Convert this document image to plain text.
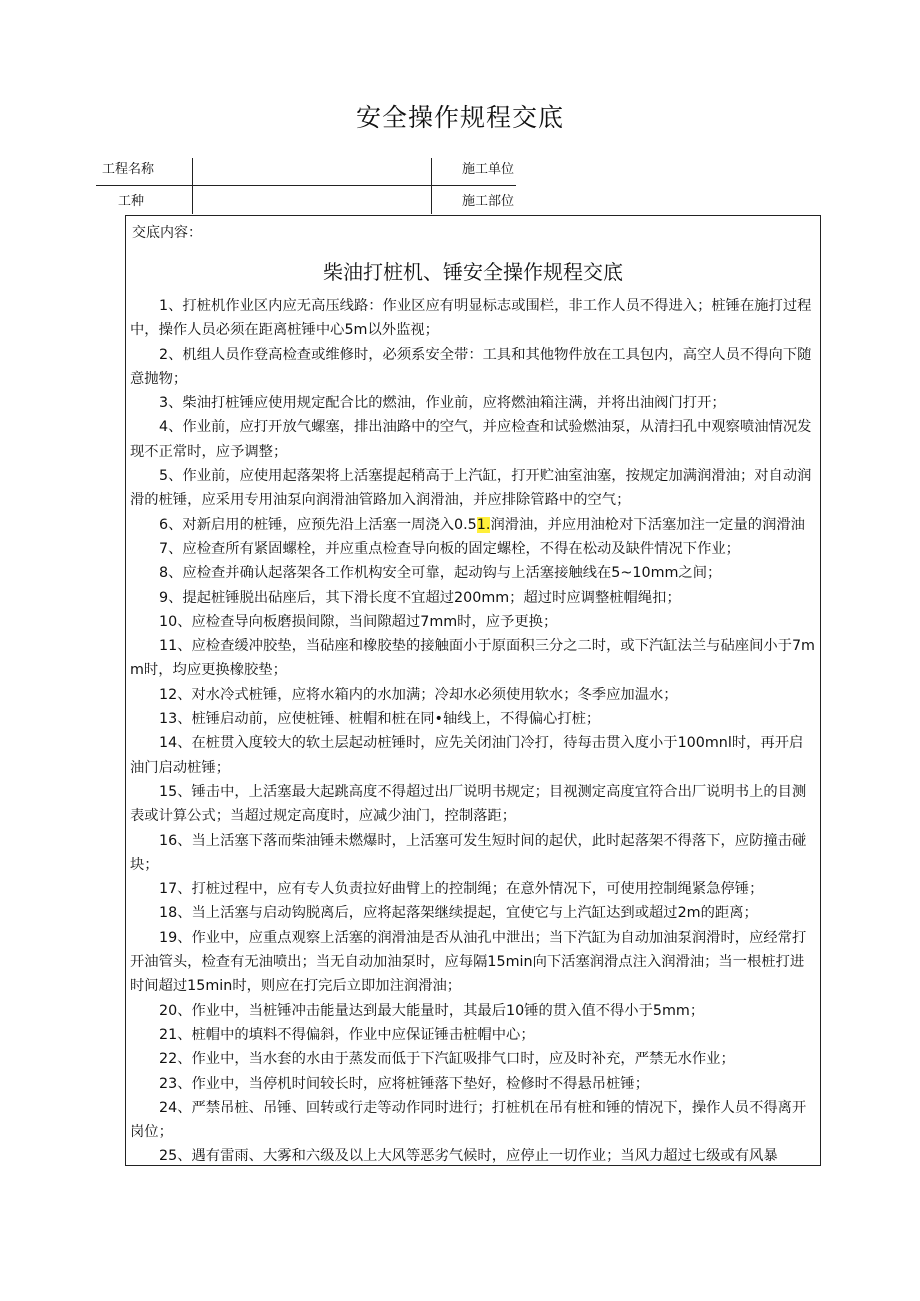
安全操作规程交底
工程名称
工种
施工单位
施工部位
交底内容：
柴油打桩机、锤安全操作规程交底

1、打桩机作业区内应无高压线路：作业区应有明显标志或围栏，非工作人员不得进入；桩锤在施打过程中，操作人员必须在距离桩锤中心5m以外监视；

2、机组人员作登高检查或维修时，必须系安全带：工具和其他物件放在工具包内，高空人员不得向下随意抛物；

3、柴油打桩锤应使用规定配合比的燃油，作业前，应将燃油箱注满，并将出油阀门打开；

4、作业前，应打开放气螺塞，排出油路中的空气，并应检查和试验燃油泵，从清扫孔中观察喷油情况发现不正常时，应予调整；

5、作业前，应使用起落架将上活塞提起稍高于上汽缸，打开贮油室油塞，按规定加满润滑油；对自动润滑的桩锤，应采用专用油泵向润滑油管路加入润滑油，并应排除管路中的空气；

6、对新启用的桩锤，应预先沿上活塞一周浇入0.51.润滑油，并应用油枪对下活塞加注一定量的润滑油

7、应检查所有紧固螺栓，并应重点检查导向板的固定螺栓，不得在松动及缺件情况下作业；

8、应检查并确认起落架各工作机构安全可靠，起动钩与上活塞接触线在5~10mm之间；

9、提起桩锤脱出砧座后，其下滑长度不宜超过200mm；超过时应调整桩帽绳扣；

10、应检查导向板磨损间隙，当间隙超过7mm时，应予更换；

11、应检查缓冲胶垫，当砧座和橡胶垫的接触面小于原面积三分之二时，或下汽缸法兰与砧座间小于7mm时，均应更换橡胶垫；

12、对水冷式桩锤，应将水箱内的水加满；冷却水必须使用软水；冬季应加温水；

13、桩锤启动前，应使桩锤、桩帽和桩在同•轴线上，不得偏心打桩；

14、在桩贯入度较大的软土层起动桩锤时，应先关闭油门冷打，待每击贯入度小于100mnl时，再开启油门启动桩锤；

15、锤击中，上活塞最大起跳高度不得超过出厂说明书规定；目视测定高度宜符合出厂说明书上的目测表或计算公式；当超过规定高度时，应减少油门，控制落距；

16、当上活塞下落而柴油锤未燃爆时，上活塞可发生短时间的起伏，此时起落架不得落下，应防撞击碰块；

17、打桩过程中，应有专人负责拉好曲臂上的控制绳；在意外情况下，可使用控制绳紧急停锤；

18、当上活塞与启动钩脱离后，应将起落架继续提起，宜使它与上汽缸达到或超过2m的距离；

19、作业中，应重点观察上活塞的润滑油是否从油孔中泄出；当下汽缸为自动加油泵润滑时，应经常打开油管头，检查有无油喷出；当无自动加油泵时，应每隔15min向下活塞润滑点注入润滑油；当一根桩打进时间超过15min时，则应在打完后立即加注润滑油；

20、作业中，当桩锤冲击能量达到最大能量时，其最后10锤的贯入值不得小于5mm；

21、桩帽中的填料不得偏斜，作业中应保证锤击桩帽中心；

22、作业中，当水套的水由于蒸发而低于下汽缸吸排气口时，应及时补充，严禁无水作业；

23、作业中，当停机时间较长时，应将桩锤落下垫好，检修时不得悬吊桩锤；

24、严禁吊桩、吊锤、回转或行走等动作同时进行；打桩机在吊有桩和锤的情况下，操作人员不得离开岗位；

25、遇有雷雨、大雾和六级及以上大风等恶劣气候时，应停止一切作业；当风力超过七级或有风暴
